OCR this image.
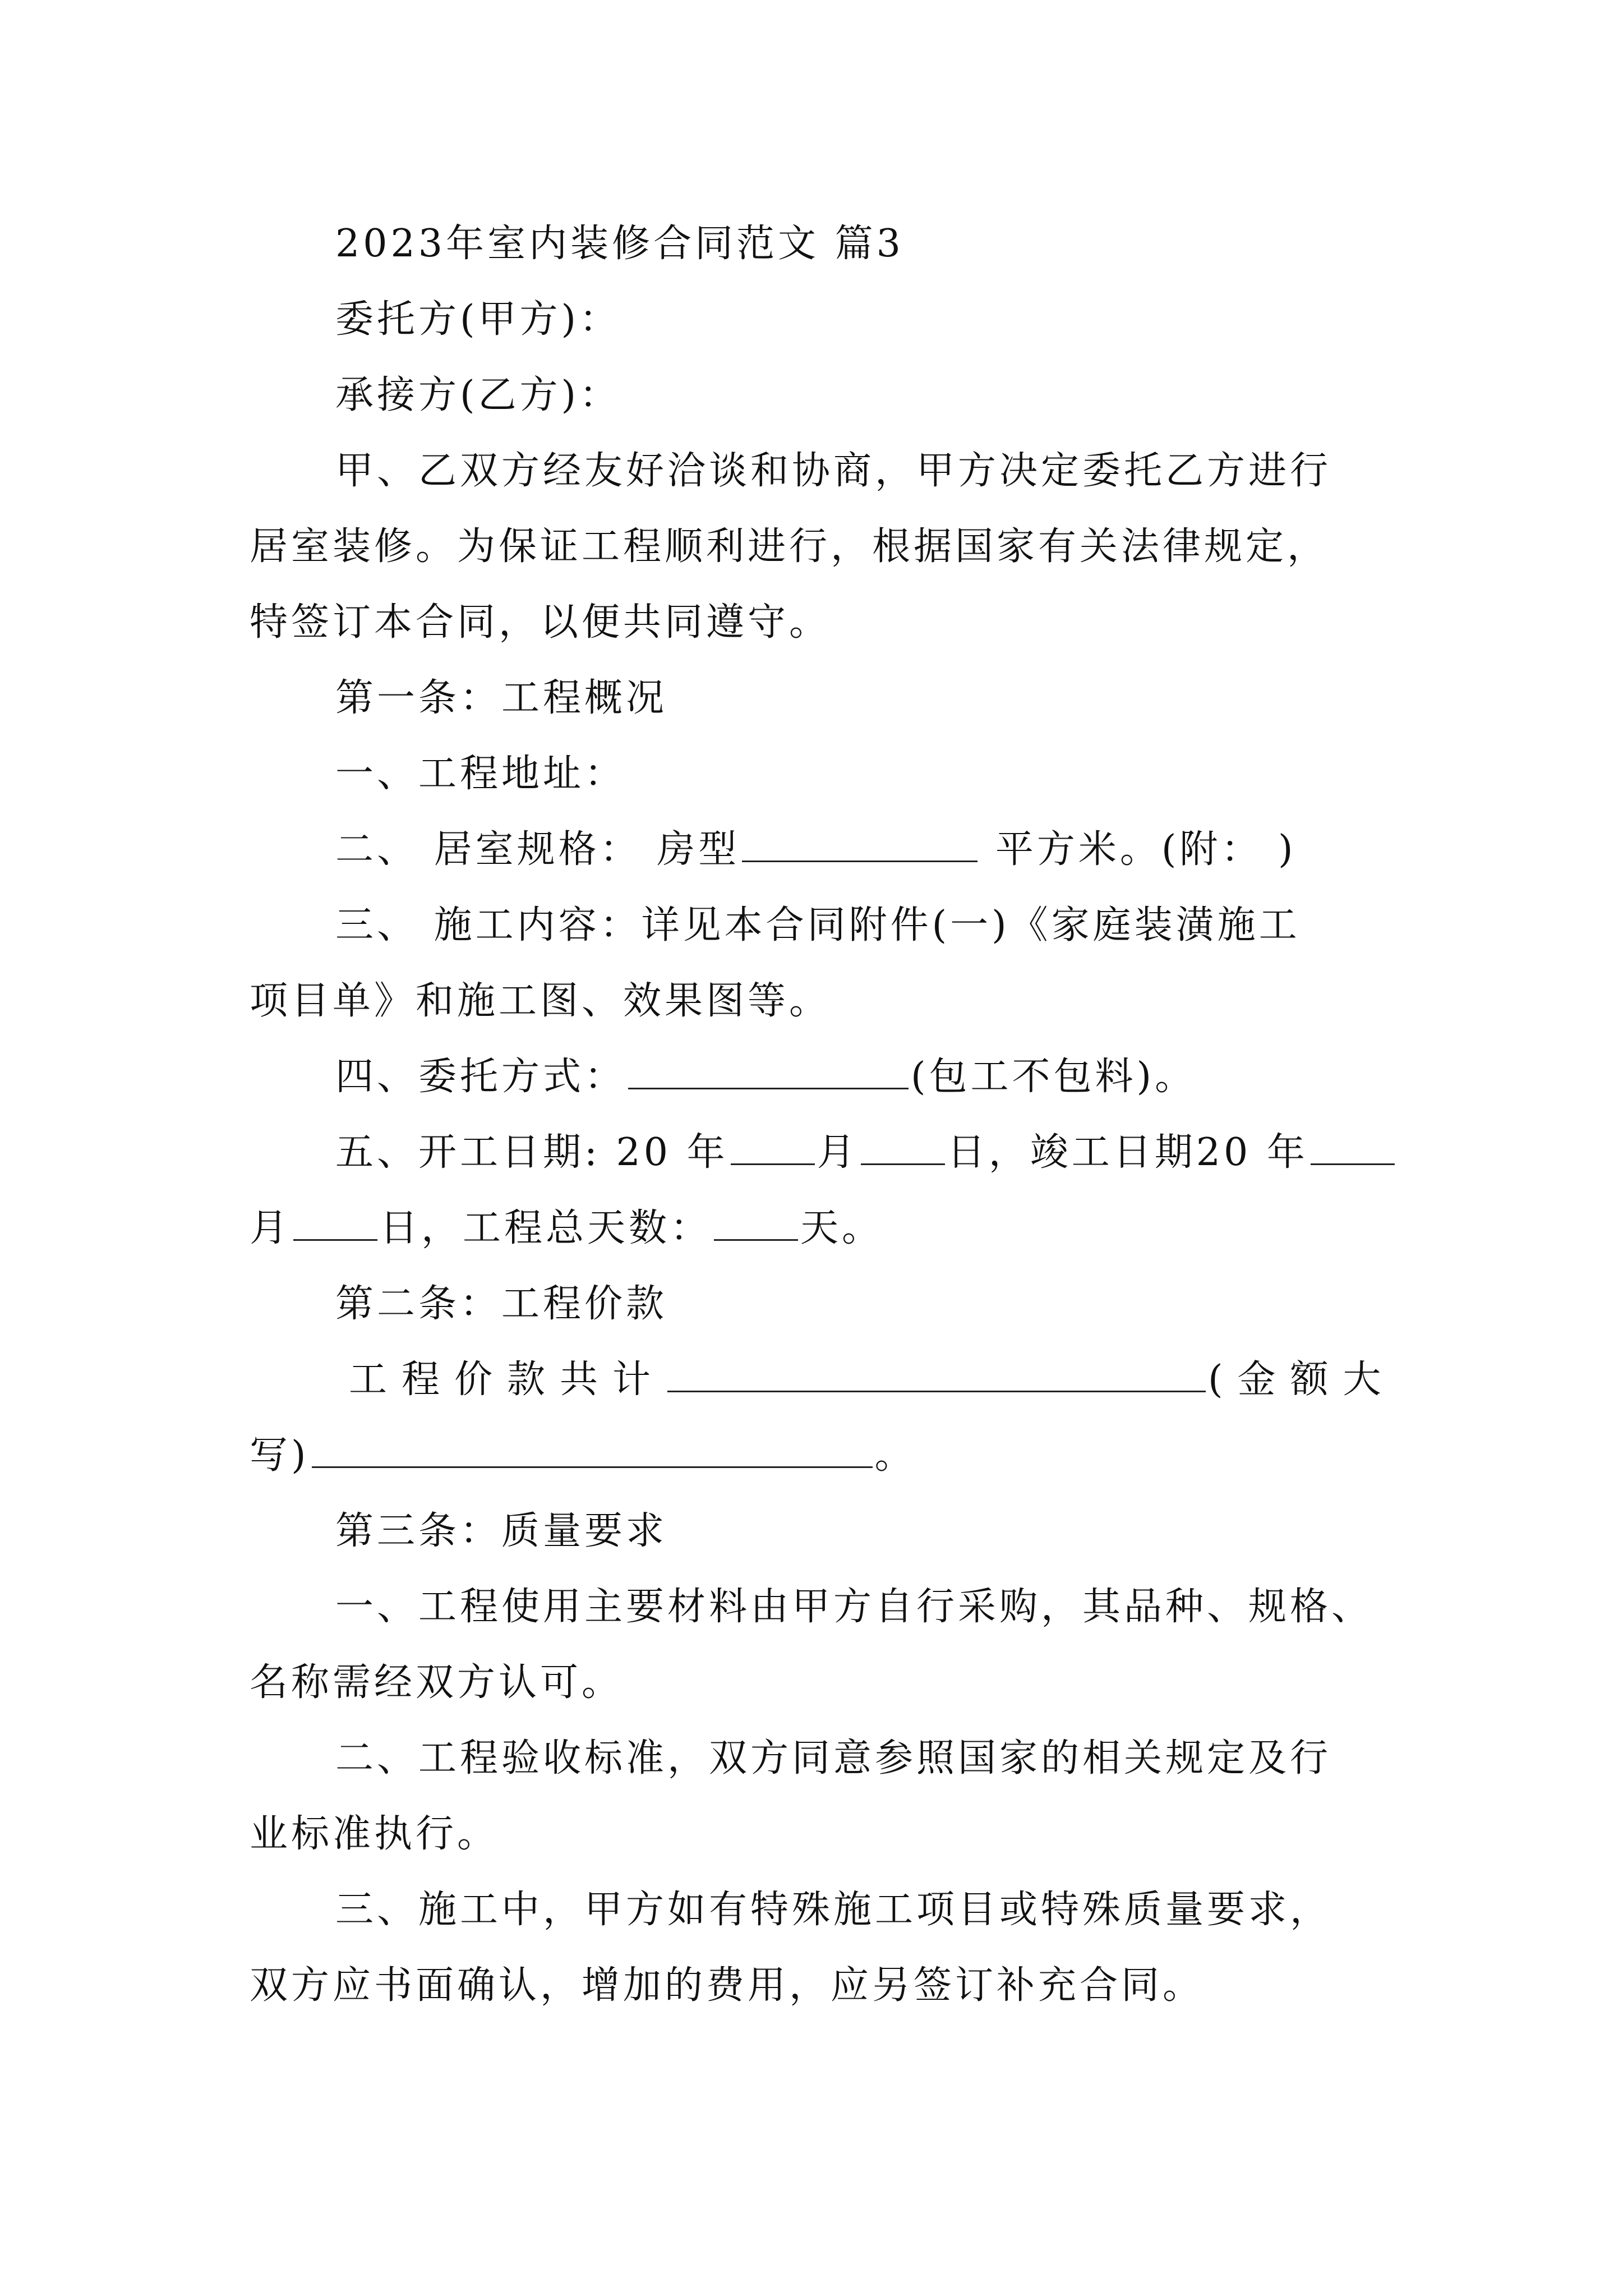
2023年室内装修合同范文 篇3
委托方(甲方)：
承接方(乙方)：
甲、乙双方经友好洽谈和协商，甲方决定委托乙方进行
居室装修。为保证工程顺利进行，根据国家有关法律规定，
特签订本合同，以便共同遵守。
第一条：工程概况
一、工程地址：
二、 居室规格： 房型	平方米。(附： )
三、 施工内容：详见本合同附件(一)《家庭装潢施工
项目单》和施工图、效果图等。
四、委托方式：	(包工不包料)。
五、开工日期: 20 年 月 日，竣工日期20 年
月 日，工程总天数： 天。
第二条：工程价款
工程价款共计	(金额大
写)	。
第三条：质量要求
一、工程使用主要材料由甲方自行采购，其品种、规格、
名称需经双方认可。
二、工程验收标准，双方同意参照国家的相关规定及行
业标准执行。
三、施工中，甲方如有特殊施工项目或特殊质量要求，
双方应书面确认，增加的费用，应另签订补充合同。
